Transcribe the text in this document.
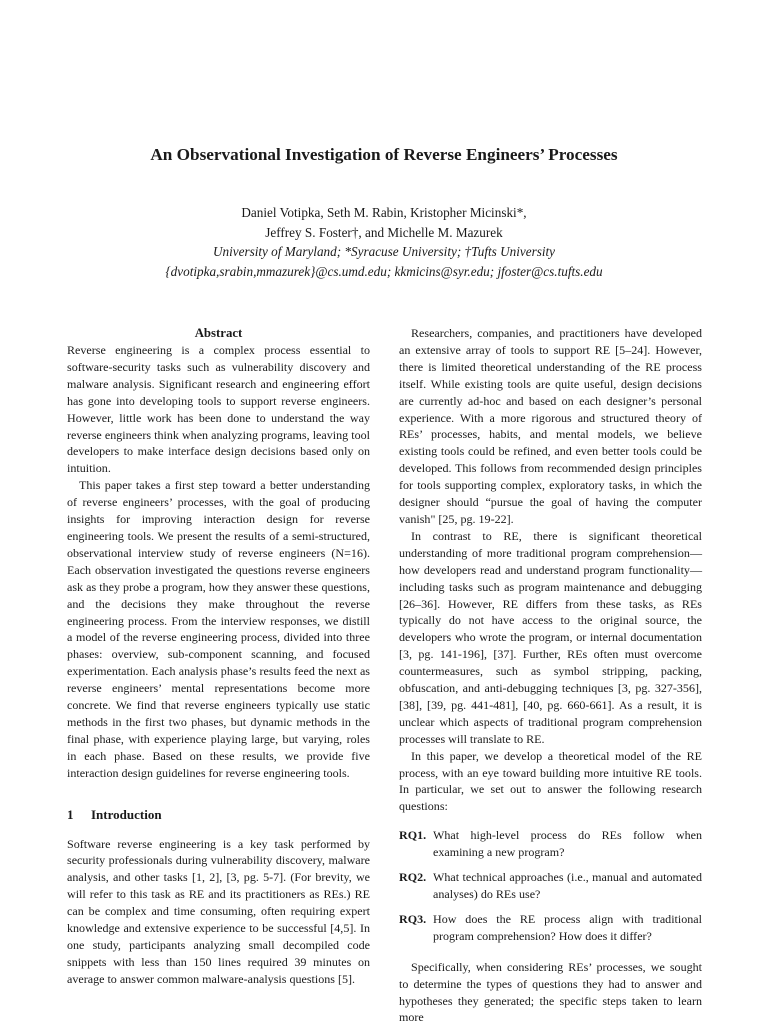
An Observational Investigation of Reverse Engineers’ Processes
Daniel Votipka, Seth M. Rabin, Kristopher Micinski*,
Jeffrey S. Foster†, and Michelle M. Mazurek
University of Maryland; *Syracuse University; †Tufts University
{dvotipka,srabin,mmazurek}@cs.umd.edu; kkmicins@syr.edu; jfoster@cs.tufts.edu
Abstract

Reverse engineering is a complex process essential to software-security tasks such as vulnerability discovery and malware analysis. Significant research and engineering effort has gone into developing tools to support reverse engineers. However, little work has been done to understand the way reverse engineers think when analyzing programs, leaving tool developers to make interface design decisions based only on intuition.

This paper takes a first step toward a better understanding of reverse engineers’ processes, with the goal of producing insights for improving interaction design for reverse engineering tools. We present the results of a semi-structured, observational interview study of reverse engineers (N=16). Each observation investigated the questions reverse engineers ask as they probe a program, how they answer these questions, and the decisions they make throughout the reverse engineering process. From the interview responses, we distill a model of the reverse engineering process, divided into three phases: overview, sub-component scanning, and focused experimentation. Each analysis phase’s results feed the next as reverse engineers’ mental representations become more concrete. We find that reverse engineers typically use static methods in the first two phases, but dynamic methods in the final phase, with experience playing large, but varying, roles in each phase. Based on these results, we provide five interaction design guidelines for reverse engineering tools.

1 Introduction

Software reverse engineering is a key task performed by security professionals during vulnerability discovery, malware analysis, and other tasks [1, 2], [3, pg. 5-7]. (For brevity, we will refer to this task as RE and its practitioners as REs.) RE can be complex and time consuming, often requiring expert knowledge and extensive experience to be successful [4,5]. In one study, participants analyzing small decompiled code snippets with less than 150 lines required 39 minutes on average to answer common malware-analysis questions [5].

Researchers, companies, and practitioners have developed an extensive array of tools to support RE [5–24]. However, there is limited theoretical understanding of the RE process itself. While existing tools are quite useful, design decisions are currently ad-hoc and based on each designer’s personal experience. With a more rigorous and structured theory of REs’ processes, habits, and mental models, we believe existing tools could be refined, and even better tools could be developed. This follows from recommended design principles for tools supporting complex, exploratory tasks, in which the designer should “pursue the goal of having the computer vanish" [25, pg. 19-22].

In contrast to RE, there is significant theoretical understanding of more traditional program comprehension—how developers read and understand program functionality—including tasks such as program maintenance and debugging [26–36]. However, RE differs from these tasks, as REs typically do not have access to the original source, the developers who wrote the program, or internal documentation [3, pg. 141-196], [37]. Further, REs often must overcome countermeasures, such as symbol stripping, packing, obfuscation, and anti-debugging techniques [3, pg. 327-356], [38], [39, pg. 441-481], [40, pg. 660-661]. As a result, it is unclear which aspects of traditional program comprehension processes will translate to RE.

In this paper, we develop a theoretical model of the RE process, with an eye toward building more intuitive RE tools. In particular, we set out to answer the following research questions:

RQ1. What high-level process do REs follow when examining a new program?
RQ2. What technical approaches (i.e., manual and automated analyses) do REs use?
RQ3. How does the RE process align with traditional program comprehension? How does it differ?

Specifically, when considering REs’ processes, we sought to determine the types of questions they had to answer and hypotheses they generated; the specific steps taken to learn more
